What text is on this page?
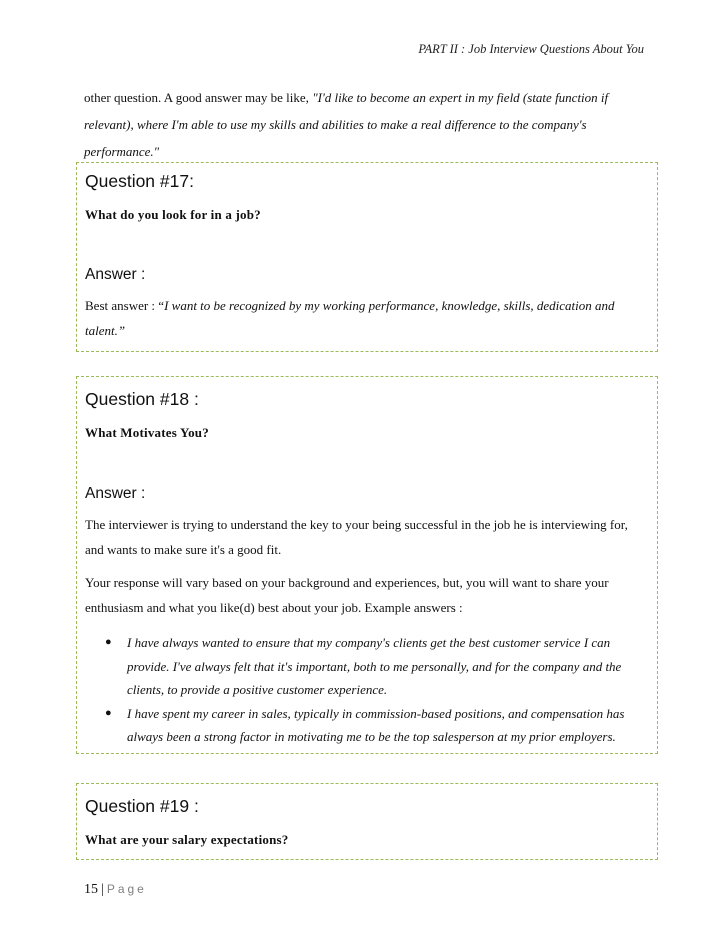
PART II : Job Interview Questions About You
other question. A good answer may be like, "I'd like to become an expert in my field (state function if relevant), where I'm able to use my skills and abilities to make a real difference to the company's performance."
Question #17:
What do you look for in a job?
Answer :

Best answer : “I want to be recognized by my working performance, knowledge, skills, dedication and talent.”

Question #18 :
What Motivates You?
Answer :

The interviewer is trying to understand the key to your being successful in the job he is interviewing for, and wants to make sure it's a good fit.

Your response will vary based on your background and experiences, but, you will want to share your enthusiasm and what you like(d) best about your job. Example answers :

● I have always wanted to ensure that my company's clients get the best customer service I can provide. I've always felt that it's important, both to me personally, and for the company and the clients, to provide a positive customer experience.
● I have spent my career in sales, typically in commission-based positions, and compensation has always been a strong factor in motivating me to be the top salesperson at my prior employers.
Question #19 :
What are your salary expectations?
15 | Page
